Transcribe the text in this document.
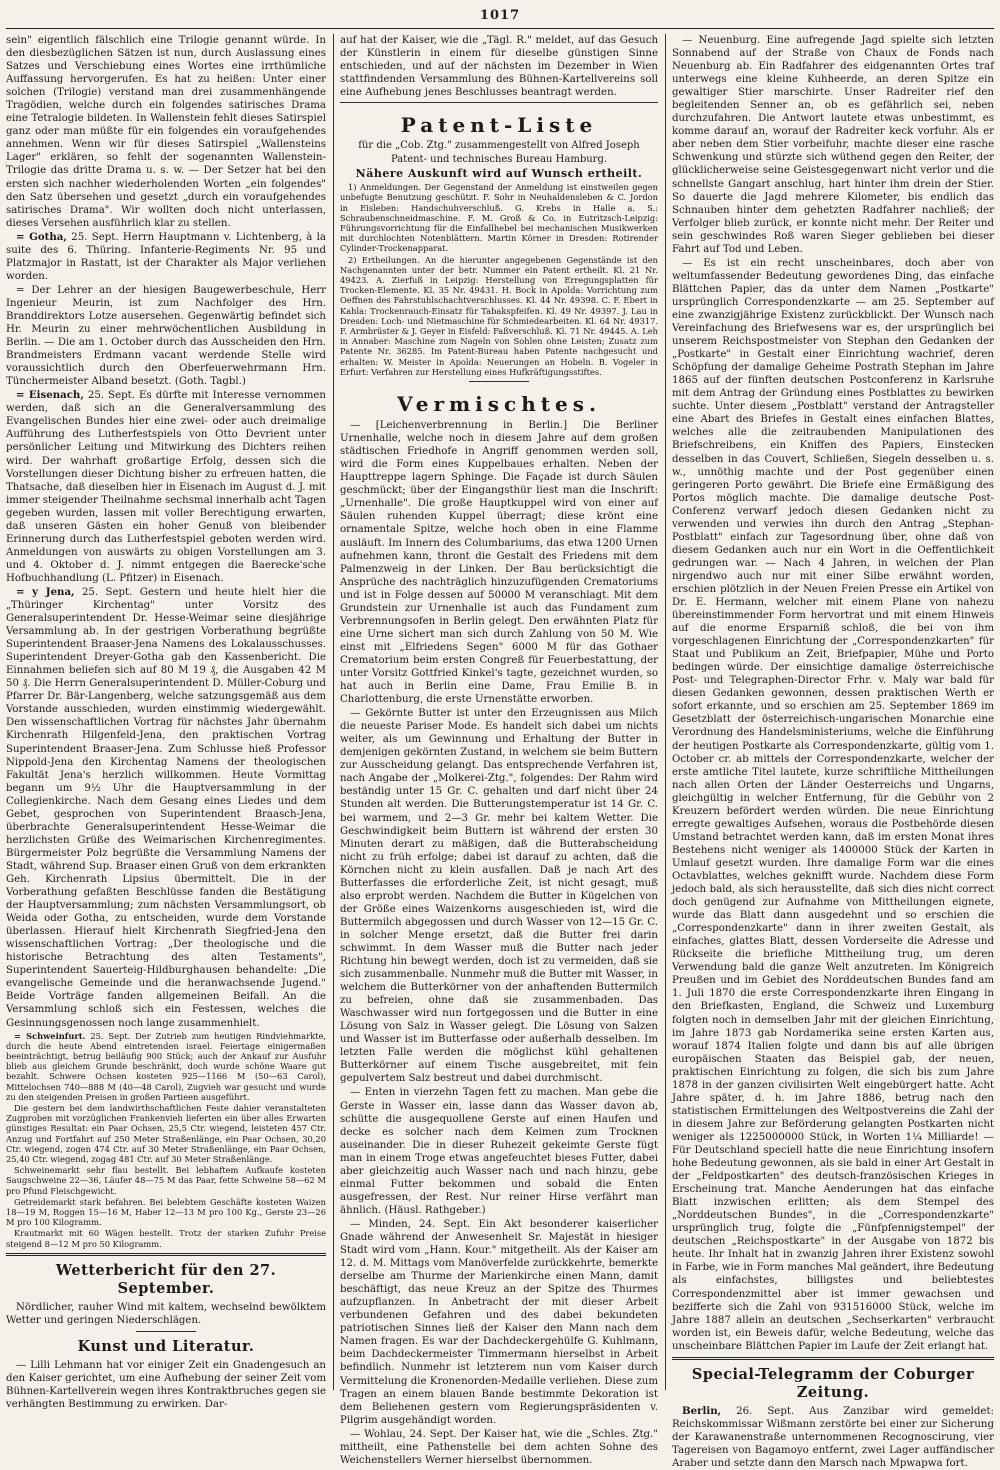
1017

sein" eigentlich fälschlich eine Trilogie genannt würde. In den diesbezüglichen Sätzen ist nun, durch Auslassung eines Satzes und Verschiebung eines Wortes eine irrthümliche Auffassung hervorgerufen. Es hat zu heißen: Unter einer solchen (Trilogie) verstand man drei zusammenhängende Tragödien, welche durch ein folgendes satirisches Drama eine Tetralogie bildeten. In Wallenstein fehlt dieses Satirspiel ganz oder man müßte für ein folgendes ein voraufgehendes annehmen. Wenn wir für dieses Satirspiel „Wallensteins Lager" erklären, so fehlt der sogenannten Wallenstein-Trilogie das dritte Drama u. s. w. — Der Setzer hat bei den ersten sich nachher wiederholenden Worten „ein folgendes" den Satz übersehen und gesetzt „durch ein voraufgehendes satirisches Drama". Wir wollten doch nicht unterlassen, dieses Versehen ausführlich klar zu stellen.

= Gotha, 25. Sept. Herrn Hauptmann v. Lichtenberg, à la suite des 6. Thüring. Infanterie-Regiments Nr. 95 und Platzmajor in Rastatt, ist der Charakter als Major verliehen worden.

= Der Lehrer an der hiesigen Baugewerbeschule, Herr Ingenieur Meurin, ist zum Nachfolger des Hrn. Branddirektors Lotze ausersehen. Gegenwärtig befindet sich Hr. Meurin zu einer mehrwöchentlichen Ausbildung in Berlin. — Die am 1. October durch das Ausscheiden den Hrn. Brandmeisters Erdmann vacant werdende Stelle wird voraussichtlich durch den Oberfeuerwehrmann Hrn. Tünchermeister Alband besetzt. (Goth. Tagbl.)

= Eisenach, 25. Sept. Es dürfte mit Interesse vernommen werden, daß sich an die Generalversammlung des Evangelischen Bundes hier eine zwei- oder auch dreimalige Aufführung des Lutherfestspiels von Otto Devrient unter persönlicher Leitung und Mitwirkung des Dichters reihen wird. Der wahrhaft großartige Erfolg, dessen sich die Vorstellungen dieser Dichtung bisher zu erfreuen hatten, die Thatsache, daß dieselben hier in Eisenach im August d. J. mit immer steigender Theilnahme sechsmal innerhalb acht Tagen gegeben wurden, lassen mit voller Berechtigung erwarten, daß unseren Gästen ein hoher Genuß von bleibender Erinnerung durch das Lutherfestspiel geboten werden wird. Anmeldungen von auswärts zu obigen Vorstellungen am 3. und 4. Oktober d. J. nimmt entgegen die Baerecke'sche Hofbuchhandlung (L. Pfitzer) in Eisenach.

= y Jena, 25. Sept. Gestern und heute hielt hier die „Thüringer Kirchentag" unter Vorsitz des Generalsuperintendent Dr. Hesse-Weimar seine diesjährige Versammlung ab. In der gestrigen Vorberathung begrüßte Superintendent Braaser-Jena Namens des Lokalausschusses. Superintendent Dreyer-Gotha gab den Kassenbericht. Die Einnahmen beliefen sich auf 80 M 19 ₰, die Ausgaben 42 M 50 ₰. Die Herrn Generalsuperintendent D. Müller-Coburg und Pfarrer Dr. Bär-Langenberg, welche satzungsgemäß aus dem Vorstande ausschieden, wurden einstimmig wiedergewählt. Den wissenschaftlichen Vortrag für nächstes Jahr übernahm Kirchenrath Hilgenfeld-Jena, den praktischen Vortrag Superintendent Braaser-Jena. Zum Schlusse hieß Professor Nippold-Jena den Kirchentag Namens der theologischen Fakultät Jena's herzlich willkommen. Heute Vormittag begann um 9½ Uhr die Hauptversammlung in der Collegienkirche. Nach dem Gesang eines Liedes und dem Gebet, gesprochen von Superintendent Braasch-Jena, überbrachte Generalsuperintendent Hesse-Weimar die herzlichsten Grüße des Weimarischen Kirchenregimentes. Bürgermeister Polz begrüßte die Versammlung Namens der Stadt, während Sup. Braaser einen Gruß von dem erkrankten Geh. Kirchenrath Lipsius übermittelt. Die in der Vorberathung gefaßten Beschlüsse fanden die Bestätigung der Hauptversammlung; zum nächsten Versammlungsort, ob Weida oder Gotha, zu entscheiden, wurde dem Vorstande überlassen. Hierauf hielt Kirchenrath Siegfried-Jena den wissenschaftlichen Vortrag: „Der theologische und die historische Betrachtung des alten Testaments", Superintendent Sauerteig-Hildburghausen behandelte: „Die evangelische Gemeinde und die heranwachsende Jugend." Beide Vorträge fanden allgemeinen Beifall. An die Versammlung schloß sich ein Festessen, welches die Gesinnungsgenossen noch lange zusammenhielt.

= Schweinfurt. 25. Sept. Der Zutrieb zum heutigen Rindviehmarkte, durch die heute Abend eintretenden israel. Feiertage einigermaßen beeinträchtigt, betrug beiläufig 900 Stück; auch der Ankauf zur Ausfuhr blieb aus gleichem Grunde beschränkt, doch wurde schöne Waare gut bezahlt. Schwere Ochsen kosteten 925—1166 M (50—63 Carol), Mittelochsen 740—888 M (40—48 Carol), Zugvieh war gesucht und wurde zu den steigenden Preisen in großen Partieen ausgeführt.

Die gestern bei dem landwirthschaftlichen Feste dahier veranstalteten Zugproben mit vorzüglichen Frankenvieh lieferten ein über alles Erwarten günstiges Resultat: ein Paar Ochsen, 25,5 Ctr. wiegend, leisteten 457 Ctr. Anzug und Fortfahrt auf 250 Meter Straßenlänge, ein Paar Ochsen, 30,20 Ctr. wiegend, zogen 474 Ctr. auf 30 Meter Straßenlänge, ein Paar Ochsen, 25,40 Ctr. wiegend, zogag 481 Ctr. auf 30 Meter Straßenlänge.

Schweinemarkt sehr flau bestellt. Bei lebhaftem Aufkaufe kosteten Saugschweine 22—36, Läufer 48—75 M das Paar, fette Schweine 58—62 M pro Pfund Fleischgewicht.

Getreidemarkt stark befahren. Bei belebtem Geschäfte kosteten Waizen 18—19 M, Roggen 15—16 M, Haber 12—13 M pro 100 Kg., Gerste 23—26 M pro 100 Kilogramm.

Krautmarkt mit 60 Wägen bestellt. Trotz der starken Zufuhr Preise steigend 8—12 M pro 50 Kilogramm.

Wetterbericht für den 27. September.

Nördlicher, rauher Wind mit kaltem, wechselnd bewölktem Wetter und geringen Niederschlägen.

Kunst und Literatur.

— Lilli Lehmann hat vor einiger Zeit ein Gnadengesuch an den Kaiser gerichtet, um eine Aufhebung der seiner Zeit vom Bühnen-Kartellverein wegen ihres Kontraktbruches gegen sie verhängten Bestimmung zu erwirken. Dar-

auf hat der Kaiser, wie die „Tägl. R." meldet, auf das Gesuch der Künstlerin in einem für dieselbe günstigen Sinne entschieden, und auf der nächsten im Dezember in Wien stattfindenden Versammlung des Bühnen-Kartellvereins soll eine Aufhebung jenes Beschlusses beantragt werden.

Patent-Liste

für die „Cob. Ztg." zusammengestellt von Alfred Joseph

Patent- und technisches Bureau Hamburg.

Nähere Auskunft wird auf Wunsch ertheilt.

1) Anmeldungen. Der Gegenstand der Anmeldung ist einstweilen gegen unbefugte Benutzung geschützt. F. Sohr in Neuhaldensleben & C. Jordon in Eisleben: Handschuhverschluß. G. Krebs in Halle a. S.: Schraubenschneidmaschine. F. M. Groß & Co. in Eutritzsch-Leipzig: Führungsvorrichtung für die Einfallhebel bei mechanischen Musikwerken mit durchlochten Notenblättern. Martin Körner in Dresden: Rotirender Cylinder-Trockenapparat.

2) Ertheilungen. An die hierunter angegebenen Gegenstände ist den Nachgenannten unter der betr. Nummer ein Patent ertheilt. Kl. 21 Nr. 49423. A. Zierfuß in Leipzig: Herstellung von Erregungsplatten für Trocken-Elemente. Kl. 35 Nr. 49431. H. Bock in Apolda: Vorrichtung zum Oeffnen des Fahrstuhlschachtverschlusses. Kl. 44 Nr. 49398. C. F. Ebert in Kahla: Trockenrauch-Einsatz für Tabakspfeifen. Kl. 49 Nr. 49397. J. Lau in Dresden: Loch- und Nietmaschine für Schmiedearbeiten. Kl. 64 Nr. 49317. F. Armbrüster & J. Geyer in Eisfeld: Faßverschluß. Kl. 71 Nr. 49445. A. Leh in Annaber: Maschine zum Nageln von Sohlen ohne Leisten; Zusatz zum Patente Nr. 36285. Im Patent-Bureau haben Patente nachgesucht und erhalten: W. Meister in Apolda: Neuerungen an Hobeln. B. Vogeler in Erfurt: Verfahren zur Herstellung eines Hufkräftigungsstiftes.

Vermischtes.

— [Leichenverbrennung in Berlin.] Die Berliner Urnenhalle, welche noch in diesem Jahre auf dem großen städtischen Friedhofe in Angriff genommen werden soll, wird die Form eines Kuppelbaues erhalten. Neben der Haupttreppe lagern Sphinge. Die Façade ist durch Säulen geschmückt; über der Eingangsthür liest man die Inschrift: „Urnenhalle". Die große Hauptkuppel wird von einer auf Säulen ruhenden Kuppel überragt; diese krönt eine ornamentale Spitze, welche hoch oben in eine Flamme ausläuft. Im Innern des Columbariums, das etwa 1200 Urnen aufnehmen kann, thront die Gestalt des Friedens mit dem Palmenzweig in der Linken. Der Bau berücksichtigt die Ansprüche des nachträglich hinzuzufügenden Crematoriums und ist in Folge dessen auf 50000 M veranschlagt. Mit dem Grundstein zur Urnenhalle ist auch das Fundament zum Verbrennungsofen in Berlin gelegt. Den erwähnten Platz für eine Urne sichert man sich durch Zahlung von 50 M. Wie einst mit „Elfriedens Segen" 6000 M für das Gothaer Crematorium beim ersten Congreß für Feuerbestattung, der unter Vorsitz Gottfried Kinkel's tagte, gezeichnet wurden, so hat auch in Berlin eine Dame, Frau Emilie B. in Charlottenburg, die erste Urnenstätte erworben.

— Gekörnte Butter ist unter den Erzeugnissen aus Milch die neueste Pariser Mode. Es handelt sich dabei um nichts weiter, als um Gewinnung und Erhaltung der Butter in demjenigen gekörnten Zustand, in welchem sie beim Buttern zur Ausscheidung gelangt. Das entsprechende Verfahren ist, nach Angabe der „Molkerei-Ztg.", folgendes: Der Rahm wird beständig unter 15 Gr. C. gehalten und darf nicht über 24 Stunden alt werden. Die Butterungstemperatur ist 14 Gr. C. bei warmem, und 2—3 Gr. mehr bei kaltem Wetter. Die Geschwindigkeit beim Buttern ist während der ersten 30 Minuten derart zu mäßigen, daß die Butterabscheidung nicht zu früh erfolge; dabei ist darauf zu achten, daß die Körnchen nicht zu klein ausfallen. Daß je nach Art des Butterfasses die erforderliche Zeit, ist nicht gesagt, muß also erprobt werden. Nachdem die Butter in Kügelchen von der Größe eines Waizenkorns ausgeschieden ist, wird die Buttermilch abgegossen und durch Wasser von 12—15 Gr. C. in solcher Menge ersetzt, daß die Butter frei darin schwimmt. In dem Wasser muß die Butter nach jeder Richtung hin bewegt werden, doch ist zu vermeiden, daß sie sich zusammenballe. Nunmehr muß die Butter mit Wasser, in welchem die Butterkörner von der anhaftenden Buttermilch zu befreien, ohne daß sie zusammenbaden. Das Waschwasser wird nun fortgegossen und die Butter in eine Lösung von Salz in Wasser gelegt. Die Lösung von Salzen und Wasser ist im Butterfasse oder außerhalb desselben. Im letzten Falle werden die möglichst kühl gehaltenen Butterkörner auf einem Tische ausgebreitet, mit fein gepulvertem Salz bestreut und dabei durchmischt.

— Enten in vierzehn Tagen fett zu machen. Man gebe die Gerste in Wasser ein, lasse dann das Wasser davon ab, schütte die ausgequollene Gerste auf einen Haufen und decke es solcher nach dem Keimen zum Trocknen auseinander. Die in dieser Ruhezeit gekeimte Gerste fügt man in einem Troge etwas angefeuchtet bieses Futter, dabei aber gleichzeitig auch Wasser nach und nach hinzu, gebe einmal Futter bekommen und sobald die Enten ausgefressen, der Rest. Nur reiner Hirse verfährt man ähnlich. (Häusl. Rathgeber.)

— Minden, 24. Sept. Ein Akt besonderer kaiserlicher Gnade während der Anwesenheit Sr. Majestät in hiesiger Stadt wird vom „Hann. Kour." mitgetheilt. Als der Kaiser am 12. d. M. Mittags vom Manöverfelde zurückkehrte, bemerkte derselbe am Thurme der Marienkirche einen Mann, damit beschäftigt, das neue Kreuz an der Spitze des Thurmes aufzupflanzen. In Anbetracht der mit dieser Arbeit verbundenen Gefahren und des dabei bekundeten patriotischen Sinnes ließ der Kaiser den Mann nach dem Namen fragen. Es war der Dachdeckergehülfe G. Kuhlmann, beim Dachdeckermeister Timmermann hierselbst in Arbeit befindlich. Nunmehr ist letzterem nun vom Kaiser durch Vermittelung die Kronenorden-Medaille verliehen. Diese zum Tragen an einem blauen Bande bestimmte Dekoration ist dem Beliehenen gestern vom Regierungspräsidenten v. Pilgrim ausgehändigt worden.

— Wohlau, 24. Sept. Der Kaiser hat, wie die „Schles. Ztg." mittheilt, eine Pathenstelle bei dem achten Sohne des Weichenstellers Werner hierselbst übernommen.

— Neuenburg. Eine aufregende Jagd spielte sich letzten Sonnabend auf der Straße von Chaux de Fonds nach Neuenburg ab. Ein Radfahrer des eidgenannten Ortes traf unterwegs eine kleine Kuhheerde, an deren Spitze ein gewaltiger Stier marschirte. Unser Radreiter rief den begleitenden Senner an, ob es gefährlich sei, neben durchzufahren. Die Antwort lautete etwas unbestimmt, es komme darauf an, worauf der Radreiter keck vorfuhr. Als er aber neben dem Stier vorbeifuhr, machte dieser eine rasche Schwenkung und stürzte sich wüthend gegen den Reiter, der glücklicherweise seine Geistesgegenwart nicht verlor und die schnellste Gangart anschlug, hart hinter ihm drein der Stier. So dauerte die Jagd mehrere Kilometer, bis endlich das Schnauben hinter dem gehetzten Radfahrer nachließ; der Verfolger blieb zurück, er konnte nicht mehr. Der Reiter und sein geschwindes Roß waren Sieger geblieben bei dieser Fahrt auf Tod und Leben.

— Es ist ein recht unscheinbares, doch aber von weltumfassender Bedeutung gewordenes Ding, das einfache Blättchen Papier, das da unter dem Namen „Postkarte" ursprünglich Correspondenzkarte — am 25. September auf eine zwanzigjährige Existenz zurückblickt. Der Wunsch nach Vereinfachung des Briefwesens war es, der ursprünglich bei unserem Reichspostmeister von Stephan den Gedanken der „Postkarte" in Gestalt einer Einrichtung wachrief, deren Schöpfung der damalige Geheime Postrath Stephan im Jahre 1865 auf der fünften deutschen Postconferenz in Karlsruhe mit dem Antrag der Gründung eines Postblattes zu bewirken suchte. Unter diesem „Postblatt" verstand der Antragsteller eine Abart des Briefes in Gestalt eines einfachen Blattes, welches alle die zeitraubenden Manipulationen des Briefschreibens, ein Kniffen des Papiers, Einstecken desselben in das Couvert, Schließen, Siegeln desselben u. s. w., unnöthig machte und der Post gegenüber einen geringeren Porto gewährt. Die Briefe eine Ermäßigung des Portos möglich machte. Die damalige deutsche Post-Conferenz verwarf jedoch diesen Gedanken nicht zu verwenden und verwies ihn durch den Antrag „Stephan-Postblatt" einfach zur Tagesordnung über, ohne daß von diesem Gedanken auch nur ein Wort in die Oeffentlichkeit gedrungen war. — Nach 4 Jahren, in welchen der Plan nirgendwo auch nur mit einer Silbe erwähnt worden, erschien plötzlich in der Neuen Freien Presse ein Artikel von Dr. E. Hermann, welcher mit einem Plane von nahezu übereinstimmender Form hervortrat und mit einem Hinweis auf die enorme Ersparniß schloß, die bei von ihm vorgeschlagenen Einrichtung der „Correspondenzkarten" für Staat und Publikum an Zeit, Briefpapier, Mühe und Porto bedingen würde. Der einsichtige damalige österreichische Post- und Telegraphen-Director Frhr. v. Maly war bald für diesen Gedanken gewonnen, dessen praktischen Werth er sofort erkannte, und so erschien am 25. September 1869 im Gesetzblatt der österreichisch-ungarischen Monarchie eine Verordnung des Handelsministeriums, welche die Einführung der heutigen Postkarte als Correspondenzkarte, gültig vom 1. October cr. ab mittels der Correspondenzkarte, welcher der erste amtliche Titel lautete, kurze schriftliche Mittheilungen nach allen Orten der Länder Oesterreichs und Ungarns, gleichgültig in welcher Entfernung, für die Gebühr von 2 Kreuzern befördert werden würden. Die neue Einrichtung erregte gewaltiges Aufsehen, woraus die Postbehörde diesen Umstand betrachtet werden kann, daß im ersten Monat ihres Bestehens nicht weniger als 1400000 Stück der Karten in Umlauf gesetzt wurden. Ihre damalige Form war die eines Octavblattes, welches geknifft wurde. Nachdem diese Form jedoch bald, als sich herausstellte, daß sich dies nicht correct doch genügend zur Aufnahme von Mittheilungen eignete, wurde das Blatt dann ausgedehnt und so erschien die „Correspondenzkarte" dann in ihrer zweiten Gestalt, als einfaches, glattes Blatt, dessen Vorderseite die Adresse und Rückseite die briefliche Mittheilung trug, um deren Verwendung bald die ganze Welt anzutreten. Im Königreich Preußen und im Gebiet des Norddeutschen Bundes fand am 1. Juli 1870 die erste Correspondenzkarte ihren Eingang in den Briefkasten, England, die Schweiz und Luxemburg folgten noch in demselben Jahr mit der gleichen Einrichtung, im Jahre 1873 gab Nordamerika seine ersten Karten aus, worauf 1874 Italien folgte und dann bis auf alle übrigen europäischen Staaten das Beispiel gab, der neuen, praktischen Einrichtung zu folgen, die sich bis zum Jahre 1878 in der ganzen civilisirten Welt eingebürgert hatte. Acht Jahre später, d. h. im Jahre 1886, betrug nach den statistischen Ermittelungen des Weltpostvereins die Zahl der in diesem Jahre zur Beförderung gelangten Postkarten nicht weniger als 1225000000 Stück, in Worten 1¼ Milliarde! — Für Deutschland speciell hatte die neue Einrichtung insofern hohe Bedeutung gewonnen, als sie bald in einer Art Gestalt in der „Feldpostkarten" des deutsch-französischen Krieges in Erscheinung trat. Manche Aenderungen hat das einfache Blatt inzwischen erlitten; als dem Stempel des „Norddeutschen Bundes", in die „Correspondenzkarte" ursprünglich trug, folgte die „Fünfpfennigstempel" der deutschen „Reichspostkarte" in der Ausgabe von 1872 bis heute. Ihr Inhalt hat in zwanzig Jahren ihrer Existenz sowohl in Farbe, wie in Form manches Mal geändert, ihre Bedeutung als einfachstes, billigstes und beliebtestes Correspondenzmittel aber ist immer gewachsen und bezifferte sich die Zahl von 931516000 Stück, welche im Jahre 1887 allein an deutschen „Sechserkarten" verbraucht worden ist, ein Beweis dafür, welche Bedeutung, welche das unscheinbare Blättchen Papier im Laufe der Zeit erlangt hat.

Special-Telegramm der Coburger Zeitung.

Berlin, 26. Sept. Aus Zanzibar wird gemeldet: Reichskommissar Wißmann zerstörte bei einer zur Sicherung der Karawanenstraße unternommenen Recognoscirung, vier Tagereisen von Bagamoyo entfernt, zwei Lager auffändischer Araber und setzte dann den Marsch nach Mpwapwa fort.
